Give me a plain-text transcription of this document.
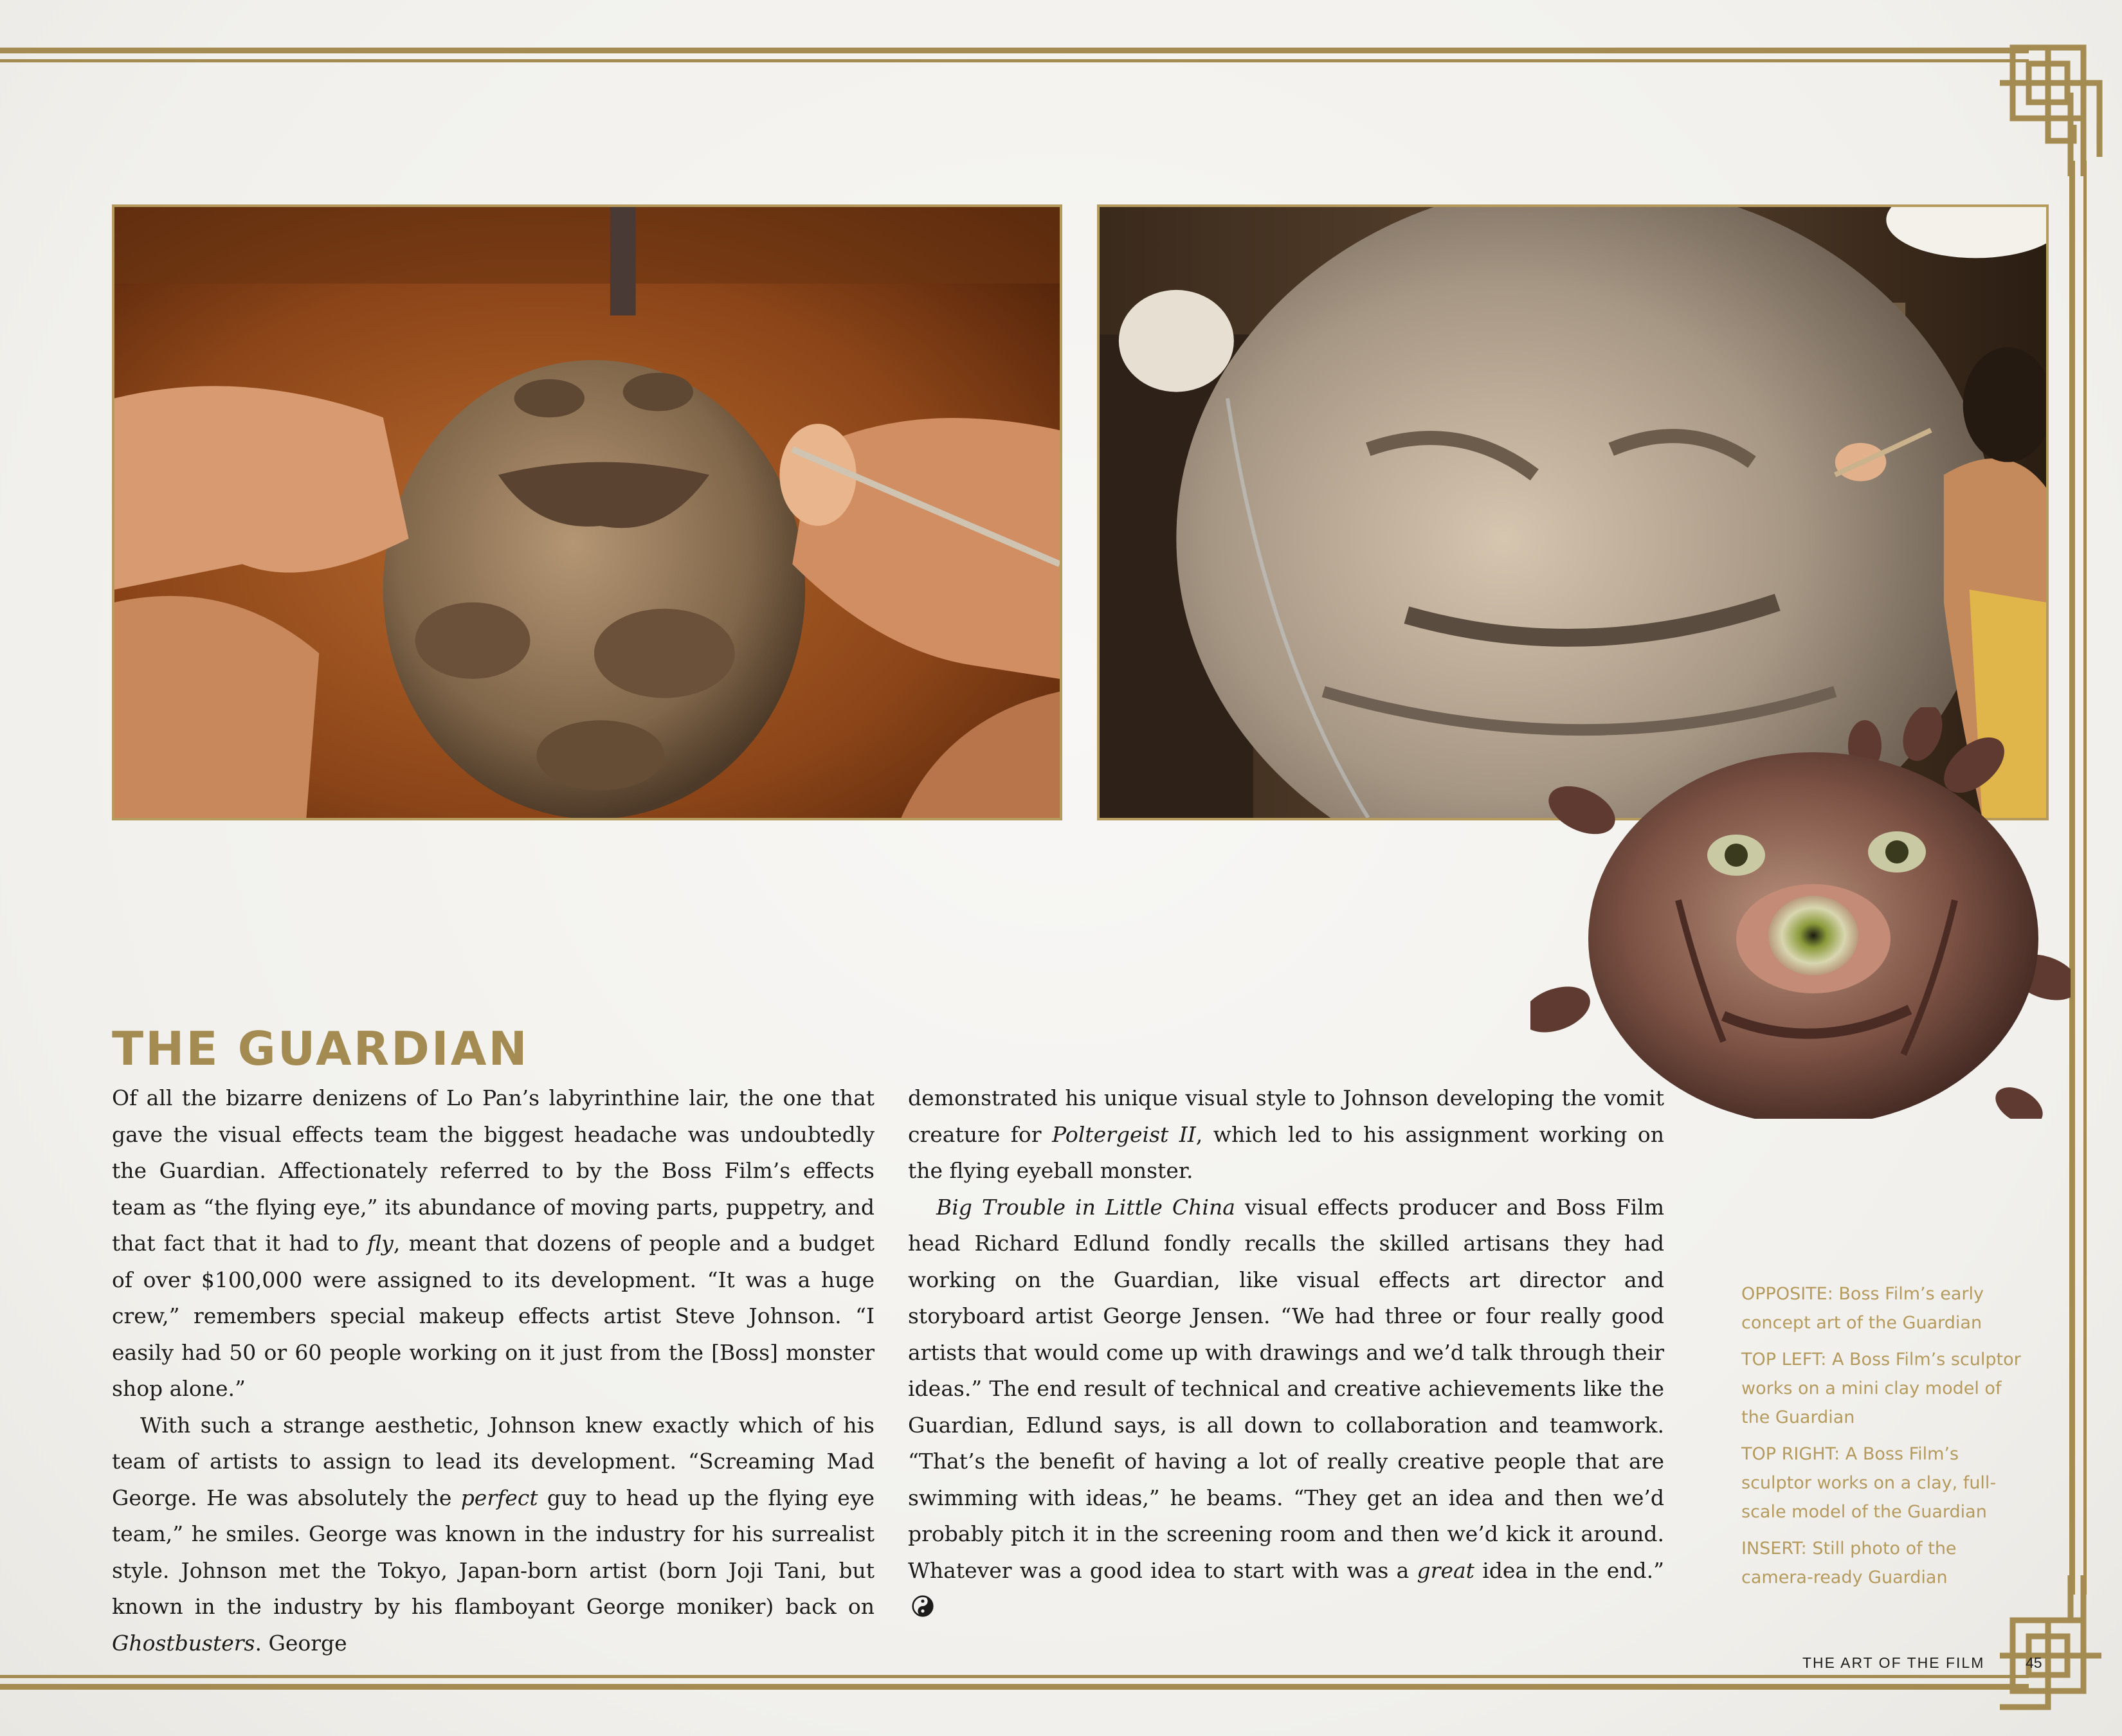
THE GUARDIAN

Of all the bizarre denizens of Lo Pan’s labyrinthine lair, the one that gave the visual effects team the biggest headache was undoubtedly the Guardian. Affectionately referred to by the Boss Film’s effects team as “the flying eye,” its abundance of moving parts, puppetry, and that fact that it had to fly, meant that dozens of people and a budget of over $100,000 were assigned to its development. “It was a huge crew,” remembers special makeup effects artist Steve Johnson. “I easily had 50 or 60 people working on it just from the [Boss] monster shop alone.”

With such a strange aesthetic, Johnson knew exactly which of his team of artists to assign to lead its development. “Screaming Mad George. He was absolutely the perfect guy to head up the flying eye team,” he smiles. George was known in the industry for his surrealist style. Johnson met the Tokyo, Japan-born artist (born Joji Tani, but known in the industry by his flamboyant George moniker) back on Ghostbusters. George

demonstrated his unique visual style to Johnson developing the vomit creature for Poltergeist II, which led to his assignment working on the flying eyeball monster.

Big Trouble in Little China visual effects producer and Boss Film head Richard Edlund fondly recalls the skilled artisans they had working on the Guardian, like visual effects art director and storyboard artist George Jensen. “We had three or four really good artists that would come up with drawings and we’d talk through their ideas.” The end result of technical and creative achievements like the Guardian, Edlund says, is all down to collaboration and teamwork. “That’s the benefit of having a lot of really creative people that are swimming with ideas,” he beams. “They get an idea and then we’d probably pitch it in the screening room and then we’d kick it around. Whatever was a good idea to start with was a great idea in the end.”

OPPOSITE: Boss Film’s early concept art of the Guardian

TOP LEFT: A Boss Film’s sculptor works on a mini clay model of the Guardian

TOP RIGHT: A Boss Film’s sculptor works on a clay, full-scale model of the Guardian

INSERT: Still photo of the camera-ready Guardian

THE ART OF THE FILM	45
